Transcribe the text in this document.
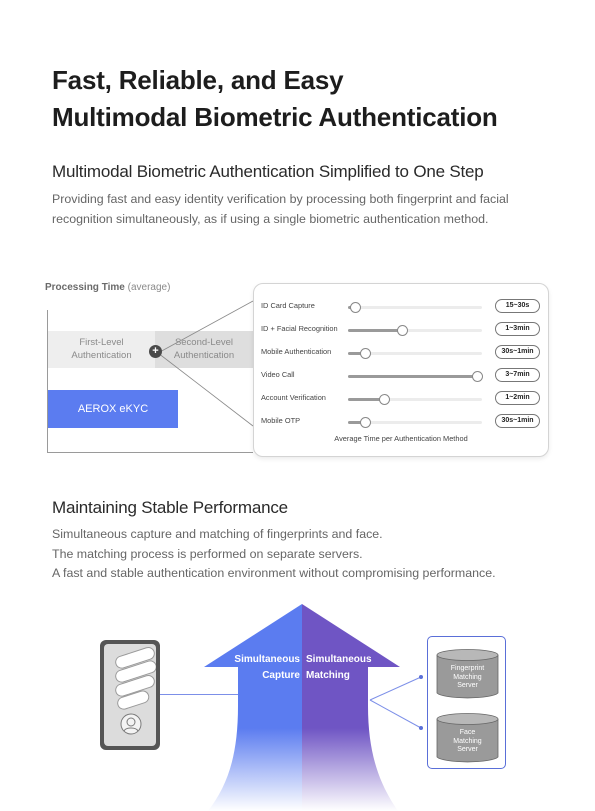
Fast, Reliable, and Easy
Multimodal Biometric Authentication
Multimodal Biometric Authentication Simplified to One Step
Providing fast and easy identity verification by processing both fingerprint and facial
recognition simultaneously, as if using a single biometric authentication method.
Processing Time (average)
First-Level
Authentication
Second-Level
Authentication
+
AEROX eKYC
ID Card Capture	15~30s
ID + Facial Recognition	1~3min
Mobile Authentication	30s~1min
Video Call	3~7min
Account Verification	1~2min
Mobile OTP	30s~1min
Average Time per Authentication Method
Maintaining Stable Performance
Simultaneous capture and matching of fingerprints and face.
The matching process is performed on separate servers.
A fast and stable authentication environment without compromising performance.
Simultaneous
Capture
Simultaneous
Matching
Fingerprint
Matching
Server
Face
Matching
Server
